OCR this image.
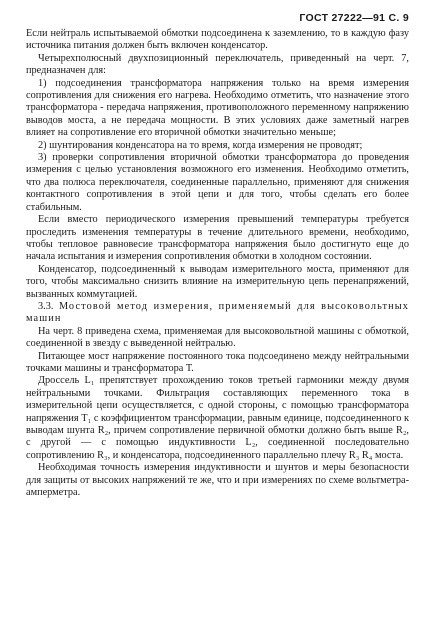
ГОСТ 27222—91 С. 9

Если нейтраль испытываемой обмотки подсоединена к заземлению, то в каждую фазу источника питания должен быть включен конденсатор.

Четырехполюсный двухпозиционный переключатель, приведенный на черт. 7, предназначен для:

1) подсоединения трансформатора напряжения только на время измерения сопротивления для снижения его нагрева. Необходимо отметить, что назначение этого трансформатора - передача напряжения, противоположного переменному напряжению выводов моста, а не передача мощности. В этих условиях даже заметный нагрев влияет на сопротивление его вторичной обмотки значительно меньше;

2) шунтирования конденсатора на то время, когда измерения не проводят;

3) проверки сопротивления вторичной обмотки трансформатора до проведения измерения с целью установления возможного его изменения. Необходимо отметить, что два полюса переключателя, соединенные параллельно, применяют для снижения контактного сопротивления в этой цепи и для того, чтобы сделать его более стабильным.

Если вместо периодического измерения превышений температуры требуется проследить изменения температуры в течение длительного времени, необходимо, чтобы тепловое равновесие трансформатора напряжения было достигнуто еще до начала испытания и измерения сопротивления обмотки в холодном состоянии.

Конденсатор, подсоединенный к выводам измерительного моста, применяют для того, чтобы максимально снизить влияние на измерительную цепь перенапряжений, вызванных коммутацией.

3.3. Мостовой метод измерения, применяемый для высоковольтных машин

На черт. 8 приведена схема, применяемая для высоковольтной машины с обмоткой, соединенной в звезду с выведенной нейтралью.

Питающее мост напряжение постоянного тока подсоединено между нейтральными точками машины и трансформатора Т.

Дроссель L₁ препятствует прохождению токов третьей гармоники между двумя нейтральными точками. Фильтрация составляющих переменного тока в измерительной цепи осуществляется, с одной стороны, с помощью трансформатора напряжения T₁ с коэффициентом трансформации, равным единице, подсоединенного к выводам шунта R₂, причем сопротивление первичной обмотки должно быть выше R₂, с другой — с помощью индуктивности L₂, соединенной последовательно сопротивлению R₃, и конденсатора, подсоединенного параллельно плечу R₃ R₄ моста.

Необходимая точность измерения индуктивности и шунтов и меры безопасности для защиты от высоких напряжений те же, что и при измерениях по схеме вольтметра-амперметра.
